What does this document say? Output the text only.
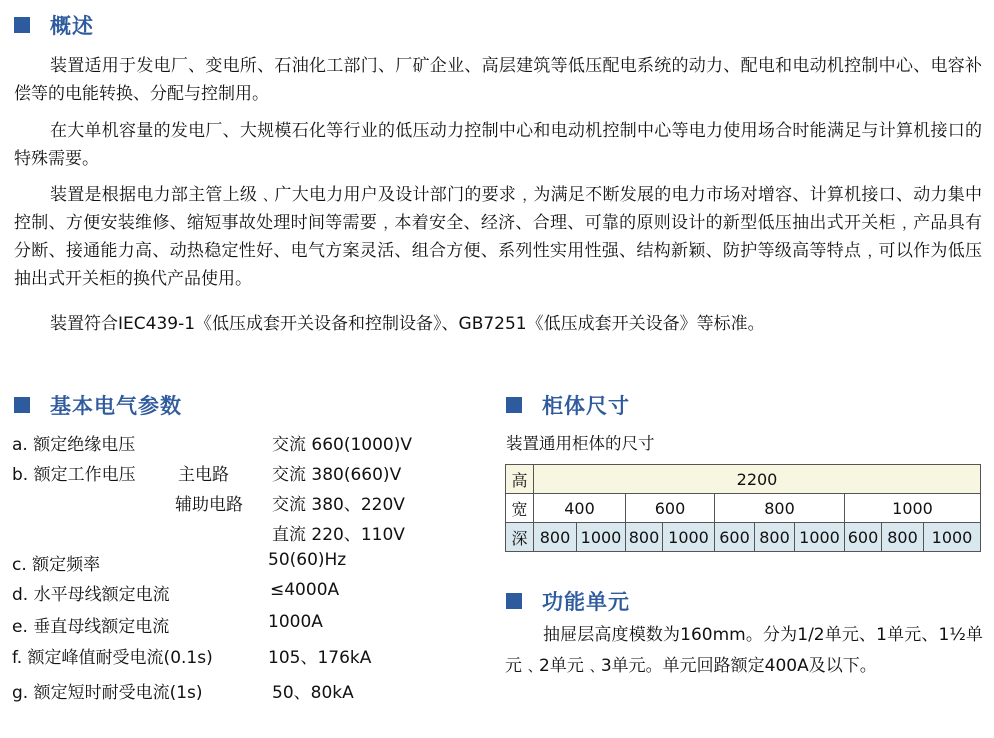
概述

装置适用于发电厂、变电所、石油化工部门、厂矿企业、高层建筑等低压配电系统的动力、配电和电动机控制中心、电容补偿等的电能转换、分配与控制用。

在大单机容量的发电厂、大规模石化等行业的低压动力控制中心和电动机控制中心等电力使用场合时能满足与计算机接口的特殊需要。

装置是根据电力部主管上级﹑广大电力用户及设计部门的要求﹐为满足不断发展的电力市场对增容、计算机接口、动力集中控制、方便安装维修、缩短事故处理时间等需要﹐本着安全、经济、合理、可靠的原则设计的新型低压抽出式开关柜﹐产品具有分断、接通能力高、动热稳定性好、电气方案灵活、组合方便、系列性实用性强、结构新颖、防护等级高等特点﹐可以作为低压抽出式开关柜的换代产品使用。

装置符合IEC439-1《低压成套开关设备和控制设备》、GB7251《低压成套开关设备》等标准。

基本电气参数
a. 额定绝缘电压	交流 660(1000)V
b. 额定工作电压 主电路	交流 380(660)V
辅助电路 交流 380、220V
直流 220、110V
c. 额定频率	50(60)Hz
d. 水平母线额定电流	≤4000A
e. 垂直母线额定电流	1000A
f. 额定峰值耐受电流(0.1s)	105、176kA
g. 额定短时耐受电流(1s)	50、80kA
柜体尺寸
装置通用柜体的尺寸
高	2200									
宽	400		600		800			1000		
深	800	1000	800	1000	600	800	1000	600	800	1000
功能单元

抽屉层高度模数为160mm。分为1/2单元、1单元、1½单元﹑2单元﹑3单元。单元回路额定400A及以下。
